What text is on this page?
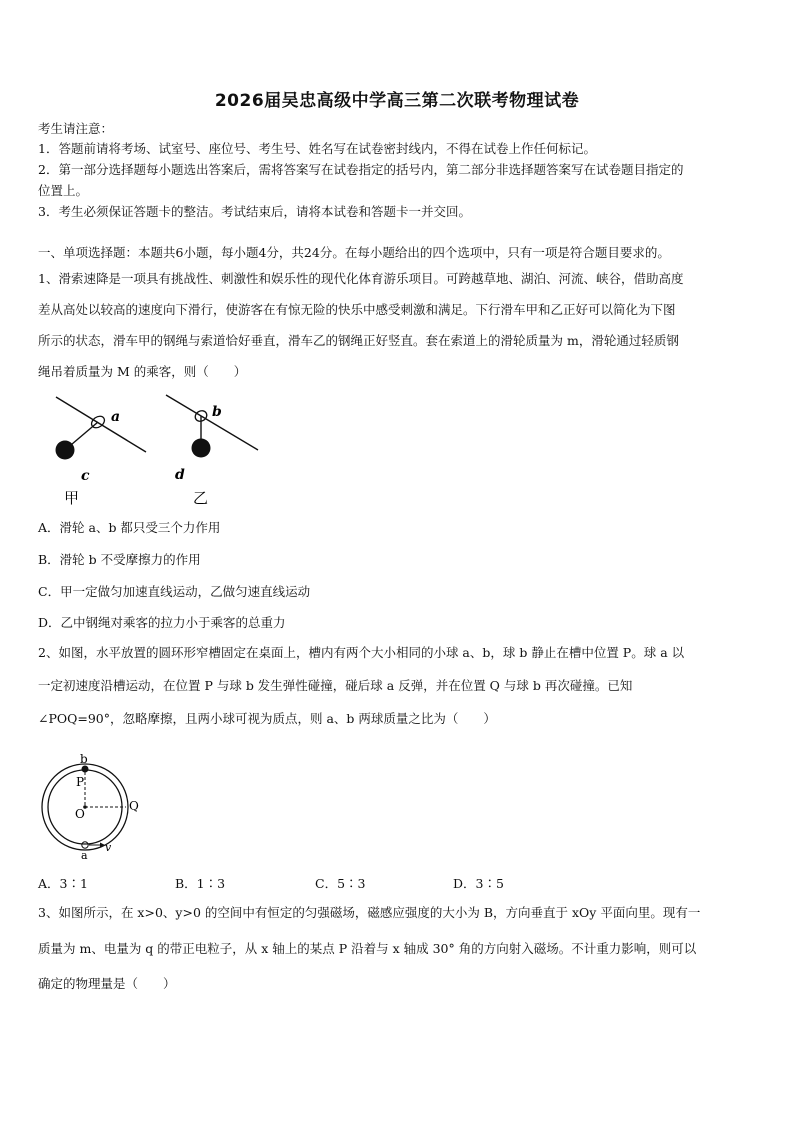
2026届吴忠高级中学高三第二次联考物理试卷
考生请注意：
1．答题前请将考场、试室号、座位号、考生号、姓名写在试卷密封线内，不得在试卷上作任何标记。
2．第一部分选择题每小题选出答案后，需将答案写在试卷指定的括号内，第二部分非选择题答案写在试卷题目指定的
位置上。
3．考生必须保证答题卡的整洁。考试结束后，请将本试卷和答题卡一并交回。
一、单项选择题：本题共6小题，每小题4分，共24分。在每小题给出的四个选项中，只有一项是符合题目要求的。
1、滑索速降是一项具有挑战性、刺激性和娱乐性的现代化体育游乐项目。可跨越草地、湖泊、河流、峡谷，借助高度
差从高处以较高的速度向下滑行，使游客在有惊无险的快乐中感受刺激和满足。下行滑车甲和乙正好可以简化为下图
所示的状态，滑车甲的钢绳与索道恰好垂直，滑车乙的钢绳正好竖直。套在索道上的滑轮质量为 m，滑轮通过轻质钢
绳吊着质量为 M 的乘客，则（　　）
a
c
甲
b
d
乙
A．滑轮 a、b 都只受三个力作用
B．滑轮 b 不受摩擦力的作用
C．甲一定做匀加速直线运动，乙做匀速直线运动
D．乙中钢绳对乘客的拉力小于乘客的总重力
2、如图，水平放置的圆环形窄槽固定在桌面上，槽内有两个大小相同的小球 a、b，球 b 静止在槽中位置 P。球 a 以
一定初速度沿槽运动，在位置 P 与球 b 发生弹性碰撞，碰后球 a 反弹，并在位置 Q 与球 b 再次碰撞。已知
∠POQ=90°，忽略摩擦，且两小球可视为质点，则 a、b 两球质量之比为（　　）
b
P
O
Q
a
v
A．3∶1	B．1∶3	C．5∶3	D．3∶5
3、如图所示，在 x>0、y>0 的空间中有恒定的匀强磁场，磁感应强度的大小为 B，方向垂直于 xOy 平面向里。现有一
质量为 m、电量为 q 的带正电粒子，从 x 轴上的某点 P 沿着与 x 轴成 30° 角的方向射入磁场。不计重力影响，则可以
确定的物理量是（　　）
